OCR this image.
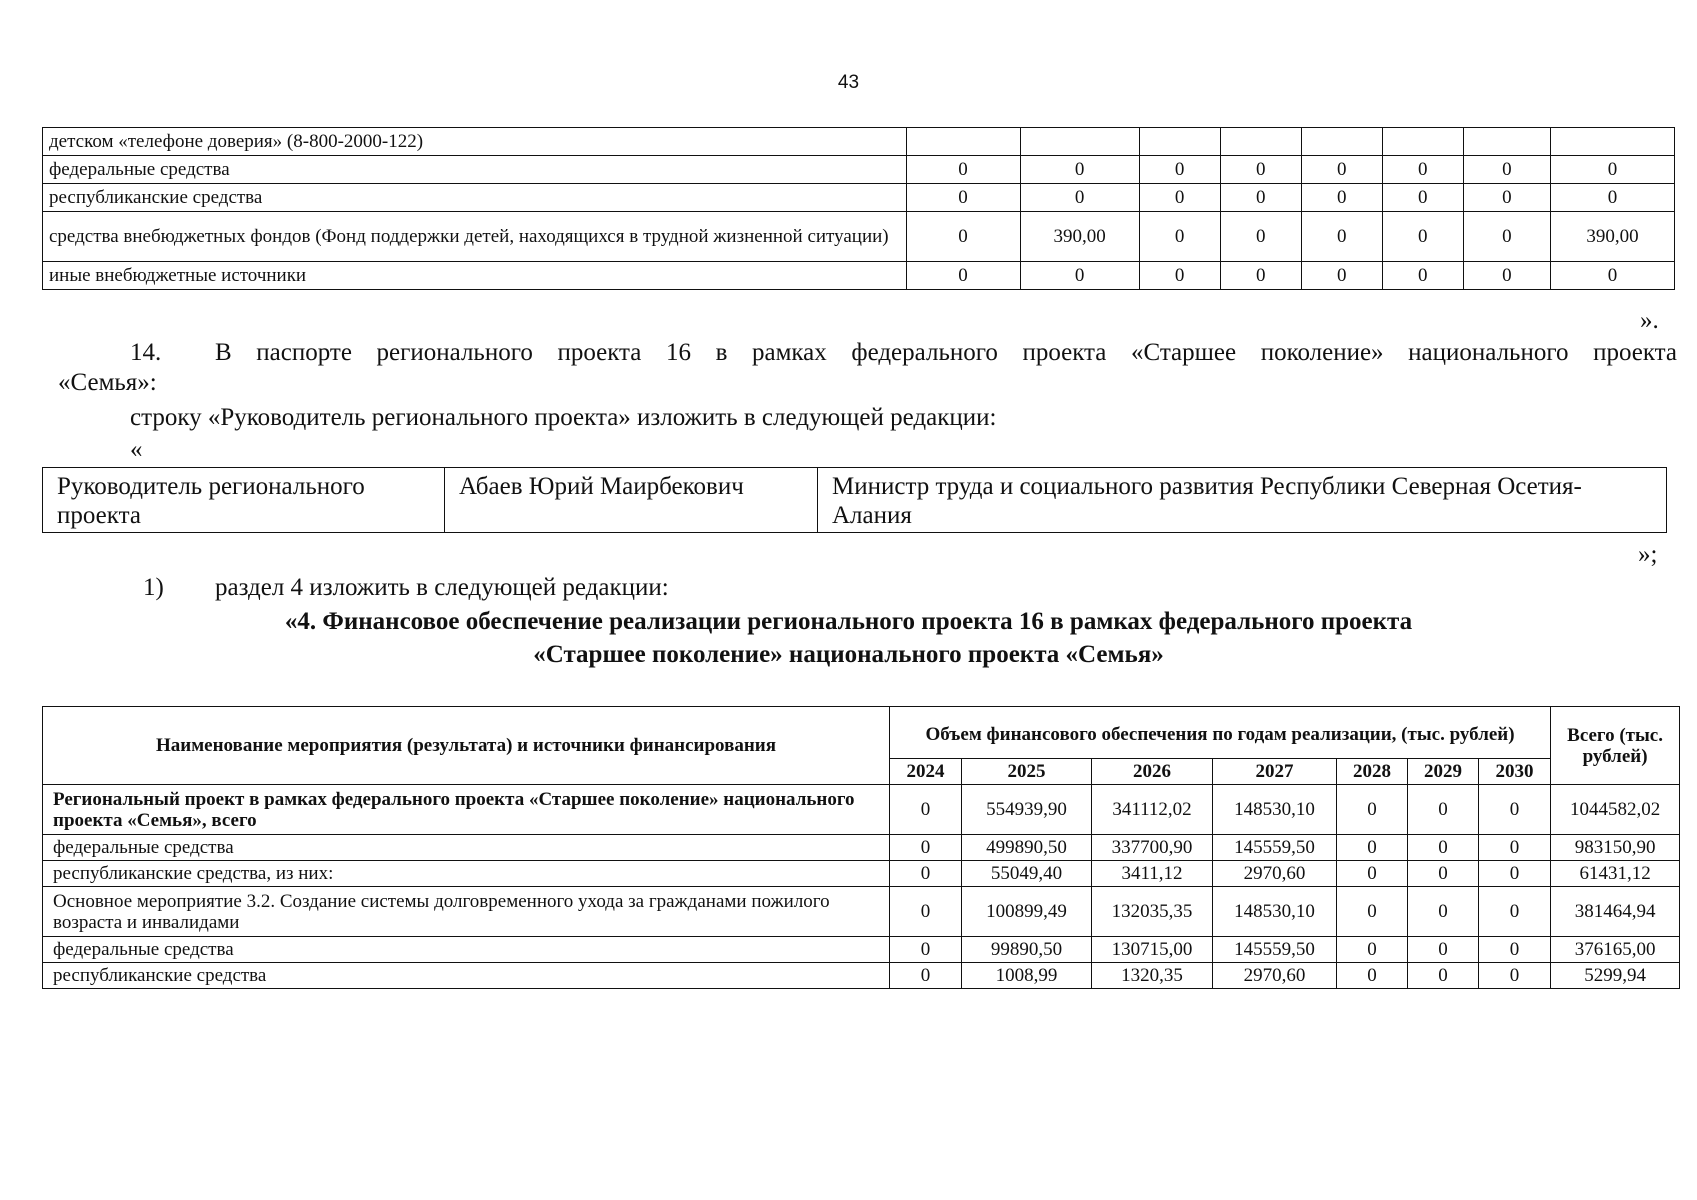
43
детском «телефоне доверия» (8-800-2000-122)								
федеральные средства	0	0	0	0	0	0	0	0
республиканские средства	0	0	0	0	0	0	0	0
средства внебюджетных фондов (Фонд поддержки детей, находящихся в трудной жизненной ситуации)	0	390,00	0	0	0	0	0	390,00
иные внебюджетные источники	0	0	0	0	0	0	0	0
».
14. В паспорте регионального проекта 16 в рамках федерального проекта «Старшее поколение» национального проекта
«Семья»:
строку «Руководитель регионального проекта» изложить в следующей редакции:
«
Руководитель регионального проекта	Абаев Юрий Маирбекович	Министр труда и социального развития Республики Северная Осетия-Алания
»;
1) раздел 4 изложить в следующей редакции:
«4. Финансовое обеспечение реализации регионального проекта 16 в рамках федерального проекта
«Старшее поколение» национального проекта «Семья»
Наименование мероприятия (результата) и источники финансирования	Объем финансового обеспечения по годам реализации, (тыс. рублей)							Всего (тыс. рублей)
	2024	2025	2026	2027	2028	2029	2030	
Региональный проект в рамках федерального проекта «Старшее поколение» национального проекта «Семья», всего	0	554939,90	341112,02	148530,10	0	0	0	1044582,02
федеральные средства	0	499890,50	337700,90	145559,50	0	0	0	983150,90
республиканские средства, из них:	0	55049,40	3411,12	2970,60	0	0	0	61431,12
Основное мероприятие 3.2. Создание системы долговременного ухода за гражданами пожилого возраста и инвалидами	0	100899,49	132035,35	148530,10	0	0	0	381464,94
федеральные средства	0	99890,50	130715,00	145559,50	0	0	0	376165,00
республиканские средства	0	1008,99	1320,35	2970,60	0	0	0	5299,94
